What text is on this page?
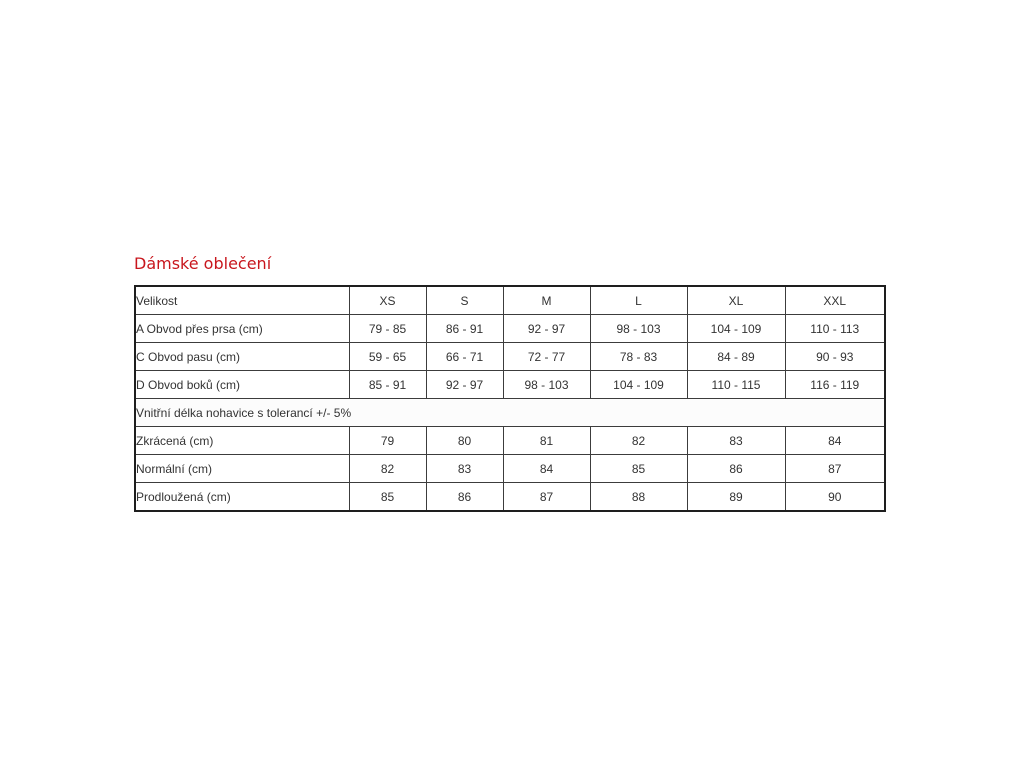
Dámské oblečení
Velikost	XS	S	M	L	XL	XXL
A Obvod přes prsa (cm)	79 - 85	86 - 91	92 - 97	98 - 103	104 - 109	110 - 113
C Obvod pasu (cm)	59 - 65	66 - 71	72 - 77	78 - 83	84 - 89	90 - 93
D Obvod boků (cm)	85 - 91	92 - 97	98 - 103	104 - 109	110 - 115	116 - 119
Vnitřní délka nohavice s tolerancí +/- 5%						
Zkrácená (cm)	79	80	81	82	83	84
Normální (cm)	82	83	84	85	86	87
Prodloužená (cm)	85	86	87	88	89	90
